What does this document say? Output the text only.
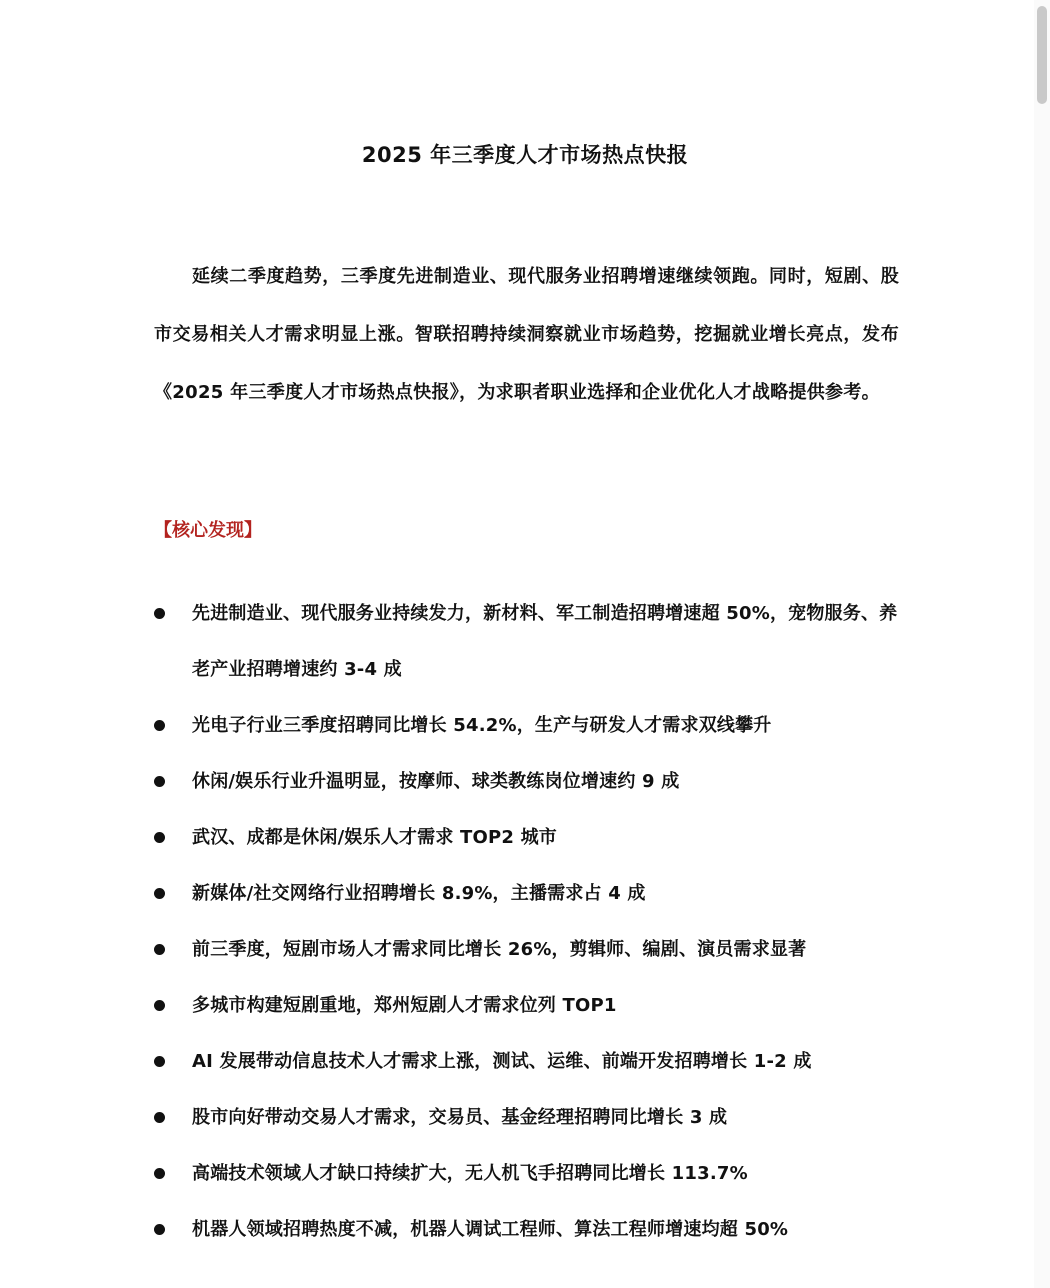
2025 年三季度人才市场热点快报

延续二季度趋势，三季度先进制造业、现代服务业招聘增速继续领跑。同时，短剧、股市交易相关人才需求明显上涨。智联招聘持续洞察就业市场趋势，挖掘就业增长亮点，发布《2025 年三季度人才市场热点快报》，为求职者职业选择和企业优化人才战略提供参考。

【核心发现】
先进制造业、现代服务业持续发力，新材料、军工制造招聘增速超 50%，宠物服务、养老产业招聘增速约 3-4 成
光电子行业三季度招聘同比增长 54.2%，生产与研发人才需求双线攀升
休闲/娱乐行业升温明显，按摩师、球类教练岗位增速约 9 成
武汉、成都是休闲/娱乐人才需求 TOP2 城市
新媒体/社交网络行业招聘增长 8.9%，主播需求占 4 成
前三季度，短剧市场人才需求同比增长 26%，剪辑师、编剧、演员需求显著
多城市构建短剧重地，郑州短剧人才需求位列 TOP1
AI 发展带动信息技术人才需求上涨，测试、运维、前端开发招聘增长 1-2 成
股市向好带动交易人才需求，交易员、基金经理招聘同比增长 3 成
高端技术领域人才缺口持续扩大，无人机飞手招聘同比增长 113.7%
机器人领域招聘热度不减，机器人调试工程师、算法工程师增速均超 50%
